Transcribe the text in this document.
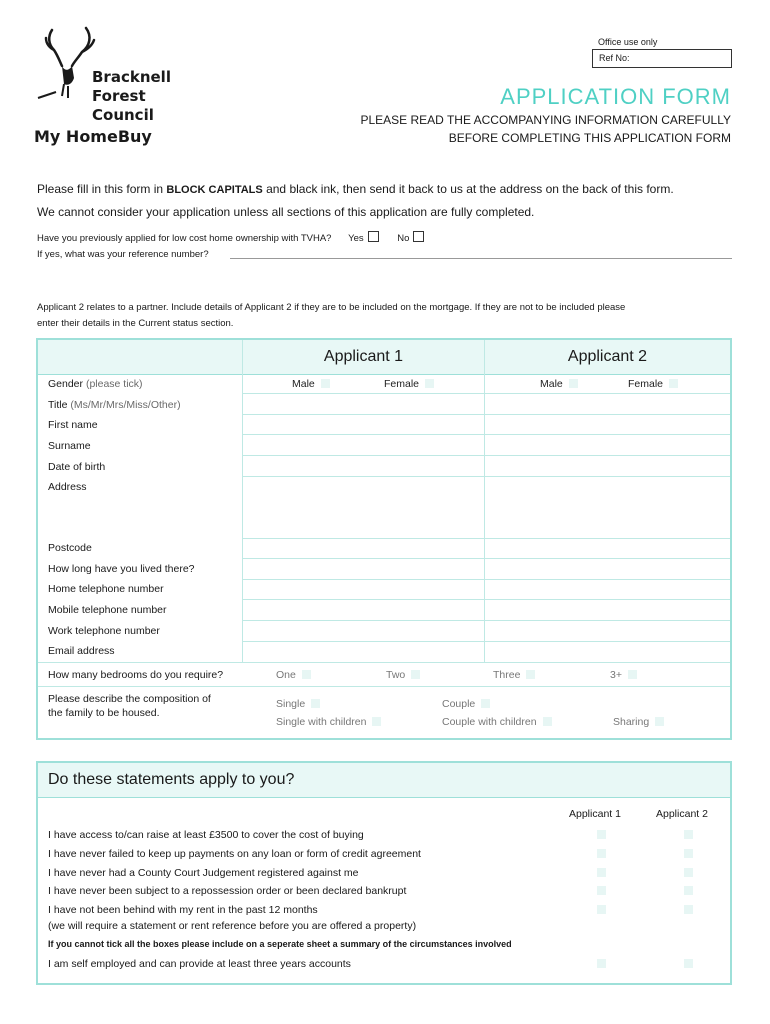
Bracknell
Forest
Council
My HomeBuy
Office use only
Ref No:
APPLICATION FORM
PLEASE READ THE ACCOMPANYING INFORMATION CAREFULLY
BEFORE COMPLETING THIS APPLICATION FORM
Please fill in this form in BLOCK CAPITALS and black ink, then send it back to us at the address on the back of this form.
We cannot consider your application unless all sections of this application are fully completed.
Have you previously applied for low cost home ownership with TVHA? Yes	No
If yes, what was your reference number?
Applicant 2 relates to a partner. Include details of Applicant 2 if they are to be included on the mortgage. If they are not to be included please
enter their details in the Current status section.
Applicant 1	Applicant 2
Gender (please tick)	Male	Female	Male	Female
Title (Ms/Mr/Mrs/Miss/Other)
First name
Surname
Date of birth
Address
Postcode
How long have you lived there?
Home telephone number
Mobile telephone number
Work telephone number
Email address
How many bedrooms do you require?	One	Two	Three	3+
Please describe the composition of
the family to be housed.
Single	Couple
Single with children	Couple with children	Sharing
Do these statements apply to you?
Applicant 1	Applicant 2
I have access to/can raise at least £3500 to cover the cost of buying
I have never failed to keep up payments on any loan or form of credit agreement
I have never had a County Court Judgement registered against me
I have never been subject to a repossession order or been declared bankrupt
I have not been behind with my rent in the past 12 months
(we will require a statement or rent reference before you are offered a property)
If you cannot tick all the boxes please include on a seperate sheet a summary of the circumstances involved
I am self employed and can provide at least three years accounts
